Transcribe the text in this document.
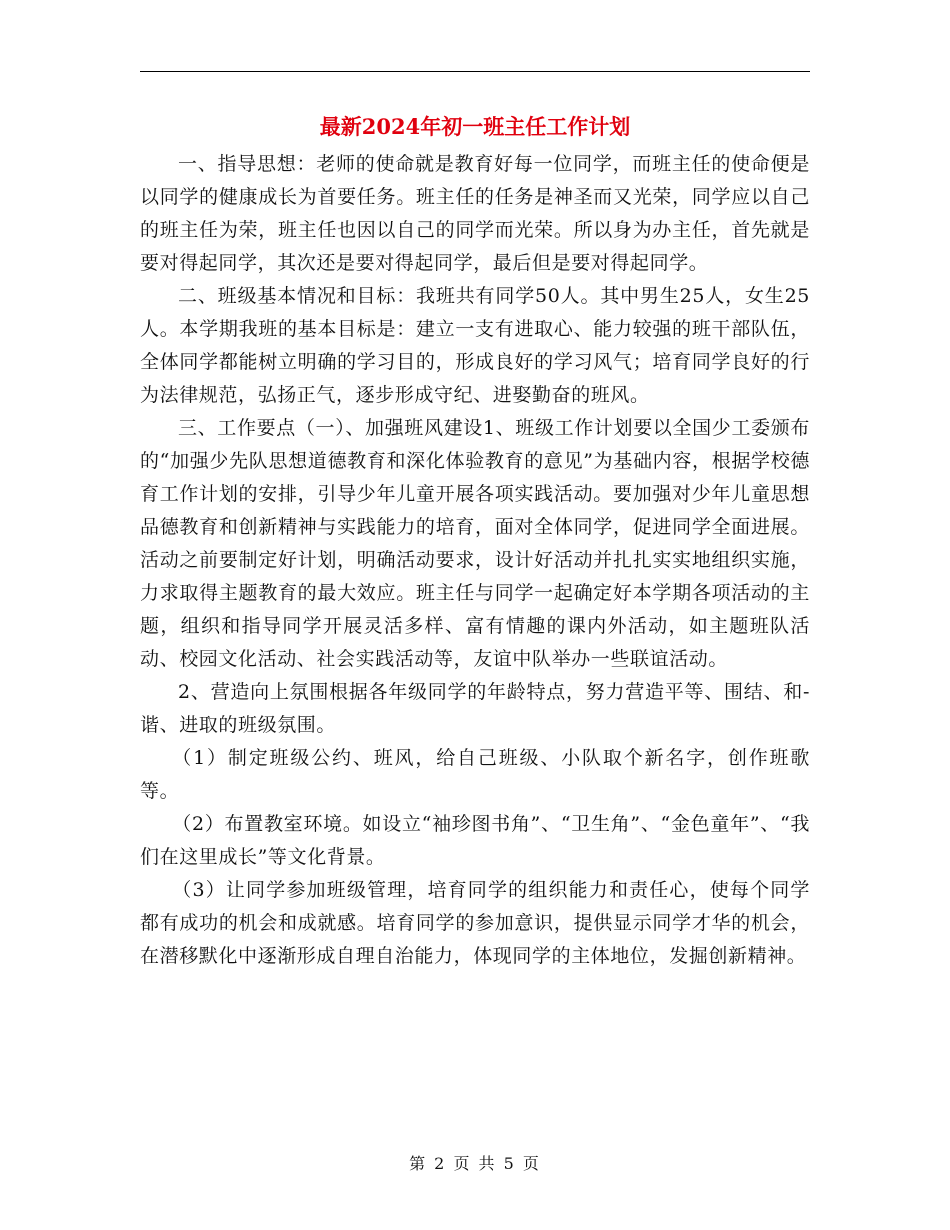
最新2024年初一班主任工作计划

一、指导思想：老师的使命就是教育好每一位同学，而班主任的使命便是以同学的健康成长为首要任务。班主任的任务是神圣而又光荣，同学应以自己的班主任为荣，班主任也因以自己的同学而光荣。所以身为办主任，首先就是要对得起同学，其次还是要对得起同学，最后但是要对得起同学。

二、班级基本情况和目标：我班共有同学50人。其中男生25人，女生25人。本学期我班的基本目标是：建立一支有进取心、能力较强的班干部队伍，全体同学都能树立明确的学习目的，形成良好的学习风气；培育同学良好的行为法律规范，弘扬正气，逐步形成守纪、进娶勤奋的班风。

三、工作要点（一）、加强班风建设1、班级工作计划要以全国少工委颁布的“加强少先队思想道德教育和深化体验教育的意见”为基础内容，根据学校德育工作计划的安排，引导少年儿童开展各项实践活动。要加强对少年儿童思想品德教育和创新精神与实践能力的培育，面对全体同学，促进同学全面进展。活动之前要制定好计划，明确活动要求，设计好活动并扎扎实实地组织实施，力求取得主题教育的最大效应。班主任与同学一起确定好本学期各项活动的主题，组织和指导同学开展灵活多样、富有情趣的课内外活动，如主题班队活动、校园文化活动、社会实践活动等，友谊中队举办一些联谊活动。

2、营造向上氛围根据各年级同学的年龄特点，努力营造平等、围结、和-谐、进取的班级氛围。

（1）制定班级公约、班风，给自己班级、小队取个新名字，创作班歌等。

（2）布置教室环境。如设立“袖珍图书角”、“卫生角”、“金色童年”、“我们在这里成长”等文化背景。

（3）让同学参加班级管理，培育同学的组织能力和责任心，使每个同学都有成功的机会和成就感。培育同学的参加意识，提供显示同学才华的机会，在潜移默化中逐渐形成自理自治能力，体现同学的主体地位，发掘创新精神。

第 2 页 共 5 页
